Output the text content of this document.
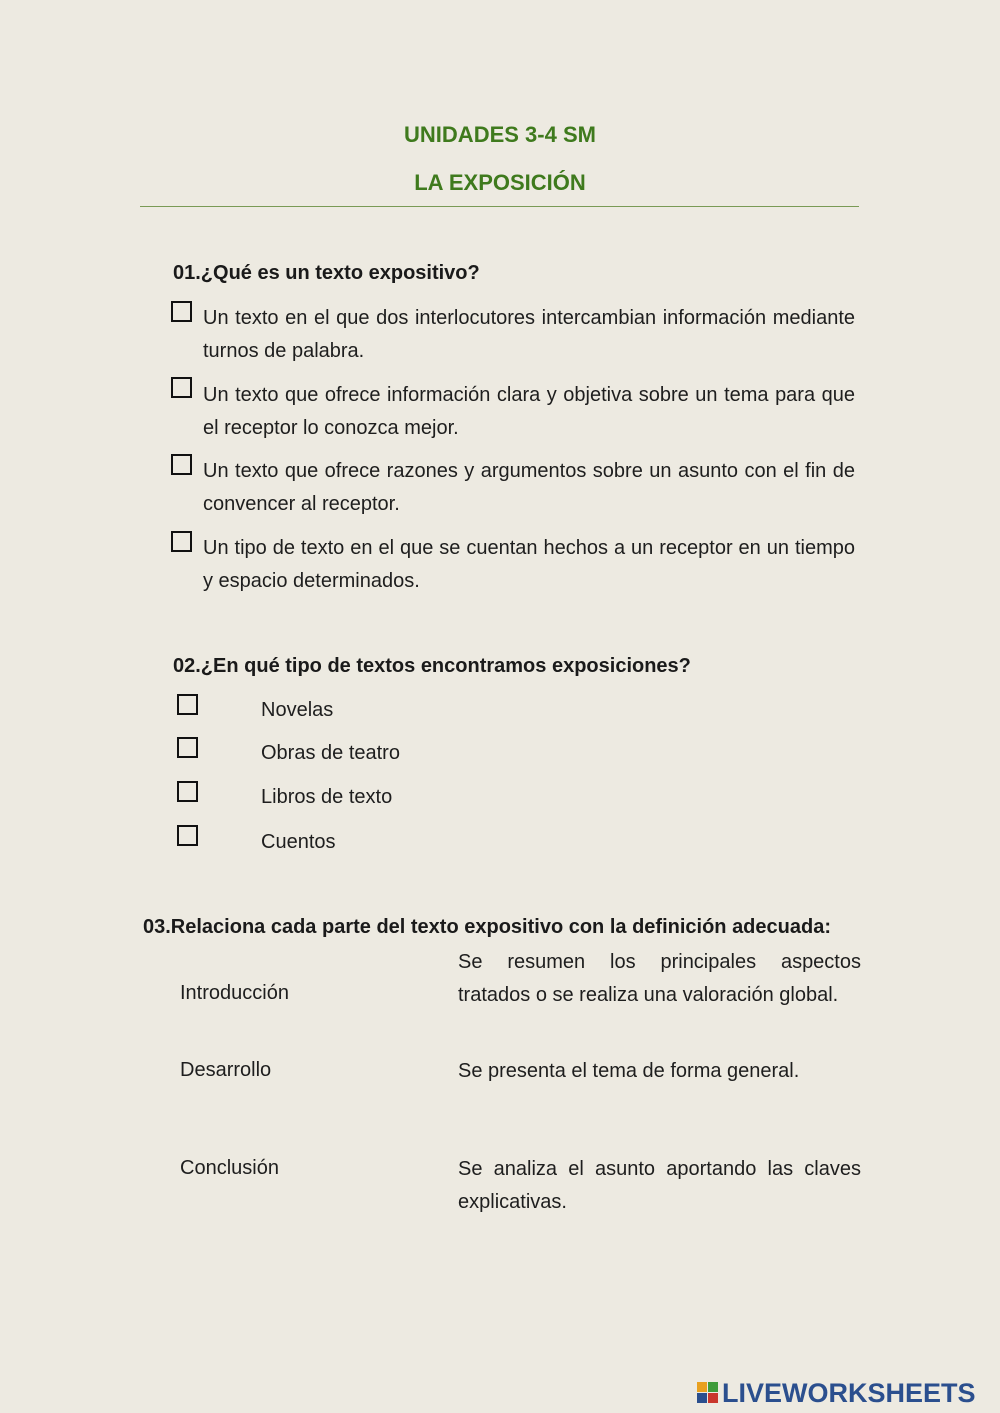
UNIDADES 3-4 SM
LA EXPOSICIÓN
01.¿Qué es un texto expositivo?
Un texto en el que dos interlocutores intercambian información mediante turnos de palabra.
Un texto que ofrece información clara y objetiva sobre un tema para que el receptor lo conozca mejor.
Un texto que ofrece razones y argumentos sobre un asunto con el fin de convencer al receptor.
Un tipo de texto en el que se cuentan hechos a un receptor en un tiempo y espacio determinados.
02.¿En qué tipo de textos encontramos exposiciones?
Novelas
Obras de teatro
Libros de texto
Cuentos
03.Relaciona cada parte del texto expositivo con la definición adecuada:
Introducción
Desarrollo
Conclusión
Se resumen los principales aspectos tratados o se realiza una valoración global.
Se presenta el tema de forma general.
Se analiza el asunto aportando las claves explicativas.
LIVEWORKSHEETS
